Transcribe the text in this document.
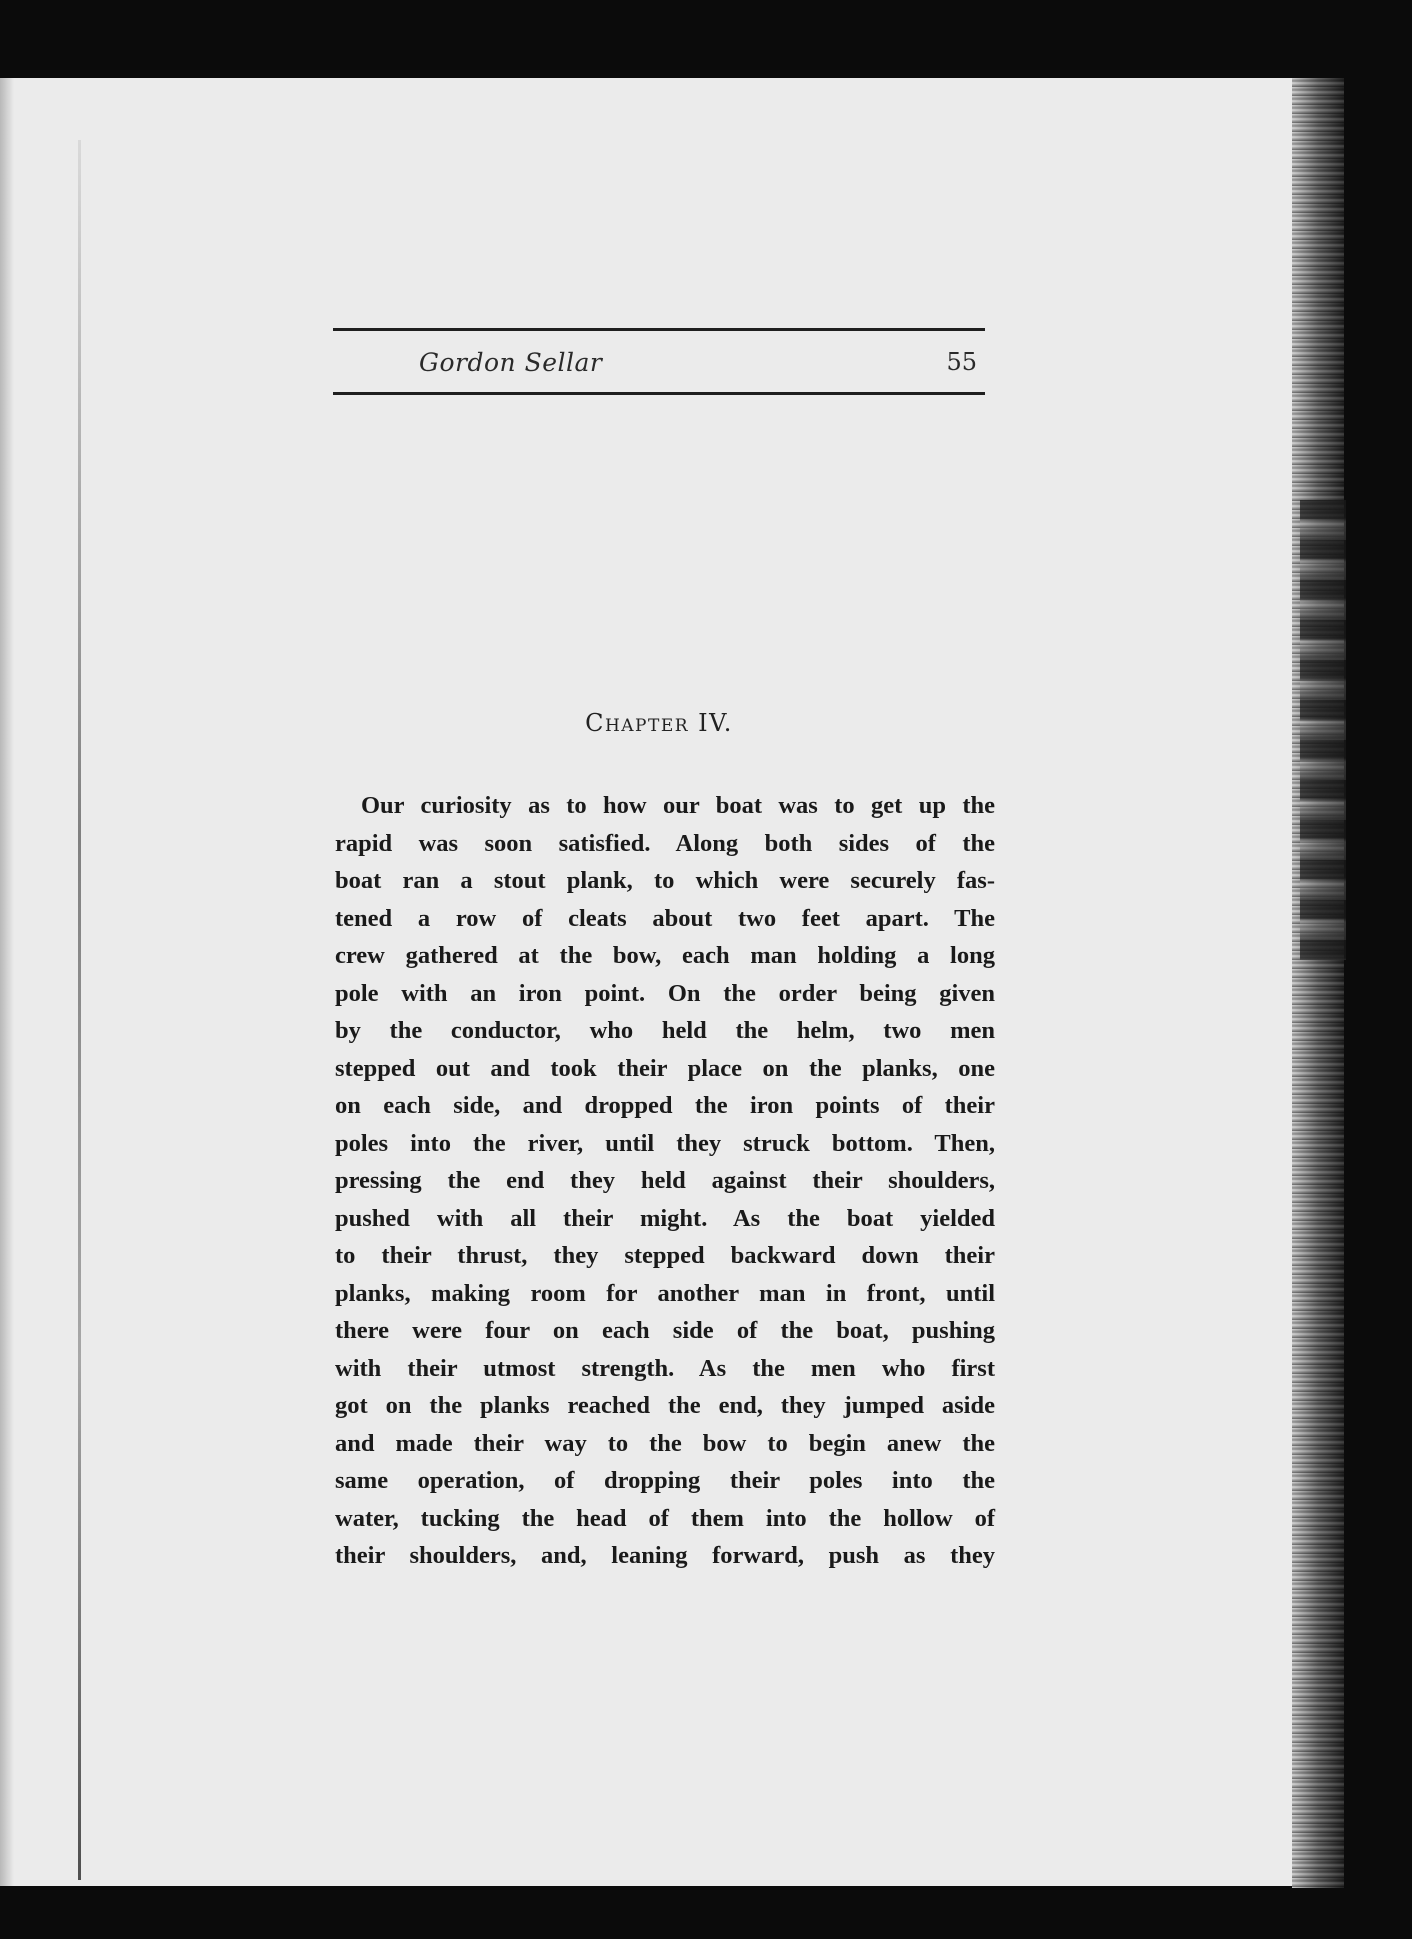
Gordon Sellar	55
Chapter IV.
Our curiosity as to how our boat was to get up the
rapid was soon satisfied. Along both sides of the
boat ran a stout plank, to which were securely fas-
tened a row of cleats about two feet apart. The
crew gathered at the bow, each man holding a long
pole with an iron point. On the order being given
by the conductor, who held the helm, two men
stepped out and took their place on the planks, one
on each side, and dropped the iron points of their
poles into the river, until they struck bottom. Then,
pressing the end they held against their shoulders,
pushed with all their might. As the boat yielded
to their thrust, they stepped backward down their
planks, making room for another man in front, until
there were four on each side of the boat, pushing
with their utmost strength. As the men who first
got on the planks reached the end, they jumped aside
and made their way to the bow to begin anew the
same operation, of dropping their poles into the
water, tucking the head of them into the hollow of
their shoulders, and, leaning forward, push as they
